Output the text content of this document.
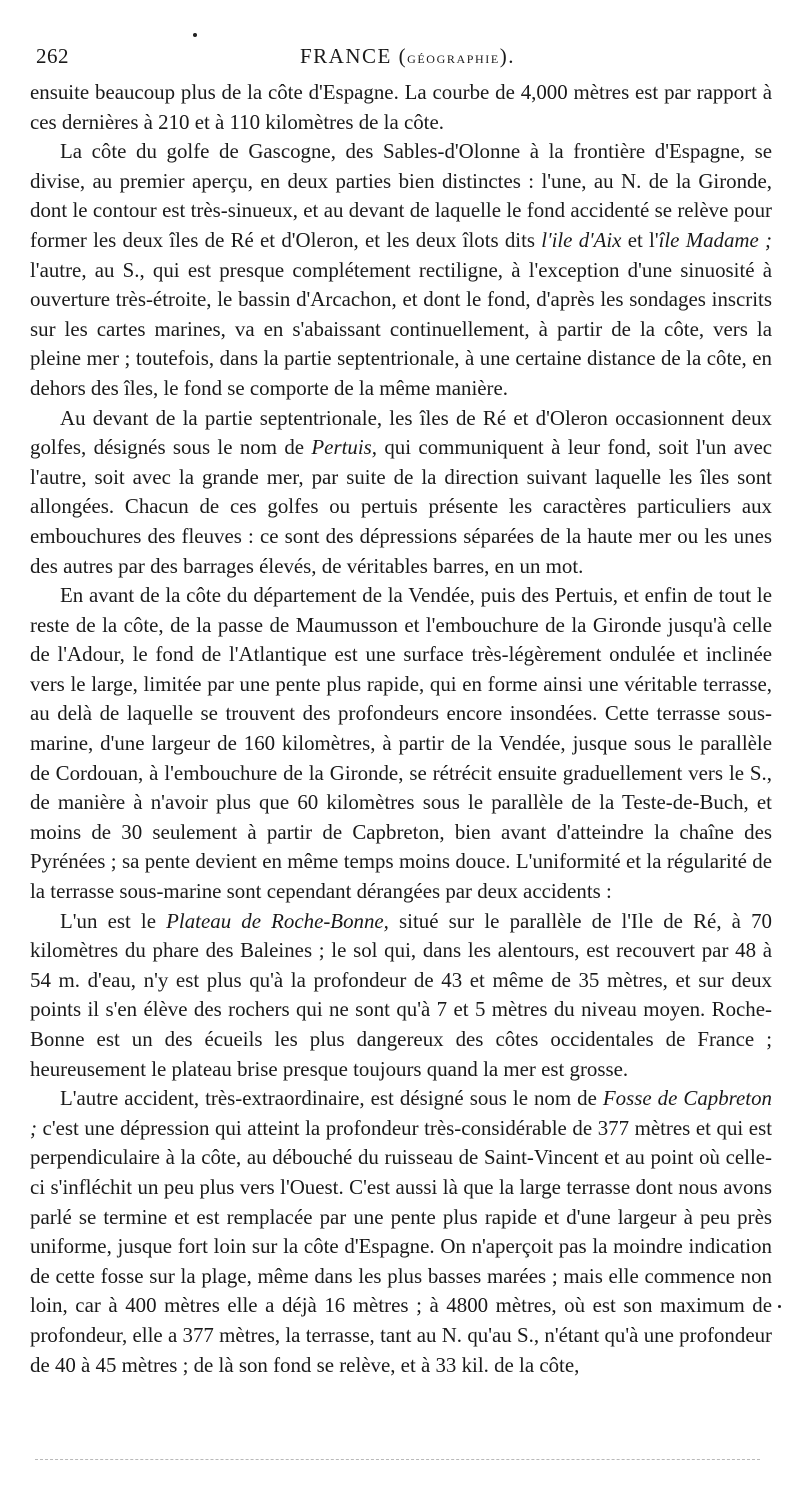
262	FRANCE (GÉOGRAPHIE).

ensuite beaucoup plus de la côte d'Espagne. La courbe de 4,000 mètres est par rapport à ces dernières à 210 et à 110 kilomètres de la côte.

La côte du golfe de Gascogne, des Sables-d'Olonne à la frontière d'Espagne, se divise, au premier aperçu, en deux parties bien distinctes : l'une, au N. de la Gironde, dont le contour est très-sinueux, et au devant de laquelle le fond accidenté se relève pour former les deux îles de Ré et d'Oleron, et les deux îlots dits l'ile d'Aix et l'île Madame ; l'autre, au S., qui est presque complétement rectiligne, à l'exception d'une sinuosité à ouverture très-étroite, le bassin d'Arcachon, et dont le fond, d'après les sondages inscrits sur les cartes marines, va en s'abaissant continuellement, à partir de la côte, vers la pleine mer ; toutefois, dans la partie septentrionale, à une certaine distance de la côte, en dehors des îles, le fond se comporte de la même manière.

Au devant de la partie septentrionale, les îles de Ré et d'Oleron occasionnent deux golfes, désignés sous le nom de Pertuis, qui communiquent à leur fond, soit l'un avec l'autre, soit avec la grande mer, par suite de la direction suivant laquelle les îles sont allongées. Chacun de ces golfes ou pertuis présente les caractères particuliers aux embouchures des fleuves : ce sont des dépressions séparées de la haute mer ou les unes des autres par des barrages élevés, de véritables barres, en un mot.

En avant de la côte du département de la Vendée, puis des Pertuis, et enfin de tout le reste de la côte, de la passe de Maumusson et l'embouchure de la Gironde jusqu'à celle de l'Adour, le fond de l'Atlantique est une surface très-légèrement ondulée et inclinée vers le large, limitée par une pente plus rapide, qui en forme ainsi une véritable terrasse, au delà de laquelle se trouvent des profondeurs encore insondées. Cette terrasse sous-marine, d'une largeur de 160 kilomètres, à partir de la Vendée, jusque sous le parallèle de Cordouan, à l'embouchure de la Gironde, se rétrécit ensuite graduellement vers le S., de manière à n'avoir plus que 60 kilomètres sous le parallèle de la Teste-de-Buch, et moins de 30 seulement à partir de Capbreton, bien avant d'atteindre la chaîne des Pyrénées ; sa pente devient en même temps moins douce. L'uniformité et la régularité de la terrasse sous-marine sont cependant dérangées par deux accidents :

L'un est le Plateau de Roche-Bonne, situé sur le parallèle de l'Ile de Ré, à 70 kilomètres du phare des Baleines ; le sol qui, dans les alentours, est recouvert par 48 à 54 m. d'eau, n'y est plus qu'à la profondeur de 43 et même de 35 mètres, et sur deux points il s'en élève des rochers qui ne sont qu'à 7 et 5 mètres du niveau moyen. Roche-Bonne est un des écueils les plus dangereux des côtes occidentales de France ; heureusement le plateau brise presque toujours quand la mer est grosse.

L'autre accident, très-extraordinaire, est désigné sous le nom de Fosse de Capbreton ; c'est une dépression qui atteint la profondeur très-considérable de 377 mètres et qui est perpendiculaire à la côte, au débouché du ruisseau de Saint-Vincent et au point où celle-ci s'infléchit un peu plus vers l'Ouest. C'est aussi là que la large terrasse dont nous avons parlé se termine et est remplacée par une pente plus rapide et d'une largeur à peu près uniforme, jusque fort loin sur la côte d'Espagne. On n'aperçoit pas la moindre indication de cette fosse sur la plage, même dans les plus basses marées ; mais elle commence non loin, car à 400 mètres elle a déjà 16 mètres ; à 4800 mètres, où est son maximum de profondeur, elle a 377 mètres, la terrasse, tant au N. qu'au S., n'étant qu'à une profondeur de 40 à 45 mètres ; de là son fond se relève, et à 33 kil. de la côte,
